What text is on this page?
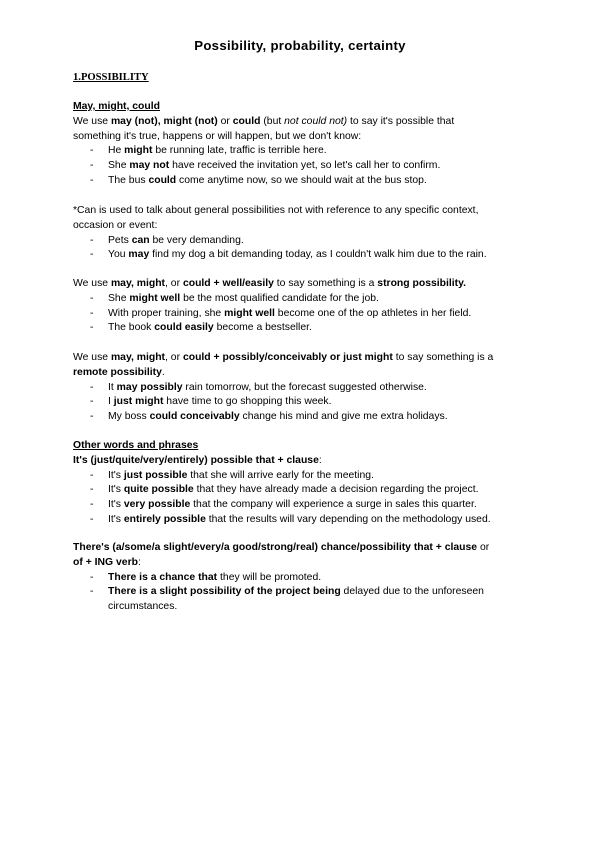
Possibility, probability, certainty
1.POSSIBILITY
May, might, could
We use may (not), might (not) or could (but not could not) to say it's possible that
something it's true, happens or will happen, but we don't know:
- He might be running late, traffic is terrible here.
- She may not have received the invitation yet, so let's call her to confirm.
- The bus could come anytime now, so we should wait at the bus stop.
*Can is used to talk about general possibilities not with reference to any specific context,
occasion or event:
- Pets can be very demanding.
- You may find my dog a bit demanding today, as I couldn't walk him due to the rain.
We use may, might, or could + well/easily to say something is a strong possibility.
- She might well be the most qualified candidate for the job.
- With proper training, she might well become one of the op athletes in her field.
- The book could easily become a bestseller.
We use may, might, or could + possibly/conceivably or just might to say something is a
remote possibility.
- It may possibly rain tomorrow, but the forecast suggested otherwise.
- I just might have time to go shopping this week.
- My boss could conceivably change his mind and give me extra holidays.
Other words and phrases
It's (just/quite/very/entirely) possible that + clause:
- It's just possible that she will arrive early for the meeting.
- It's quite possible that they have already made a decision regarding the project.
- It's very possible that the company will experience a surge in sales this quarter.
- It's entirely possible that the results will vary depending on the methodology used.
There's (a/some/a slight/every/a good/strong/real) chance/possibility that + clause or
of + ING verb:
- There is a chance that they will be promoted.
- There is a slight possibility of the project being delayed due to the unforeseen circumstances.
